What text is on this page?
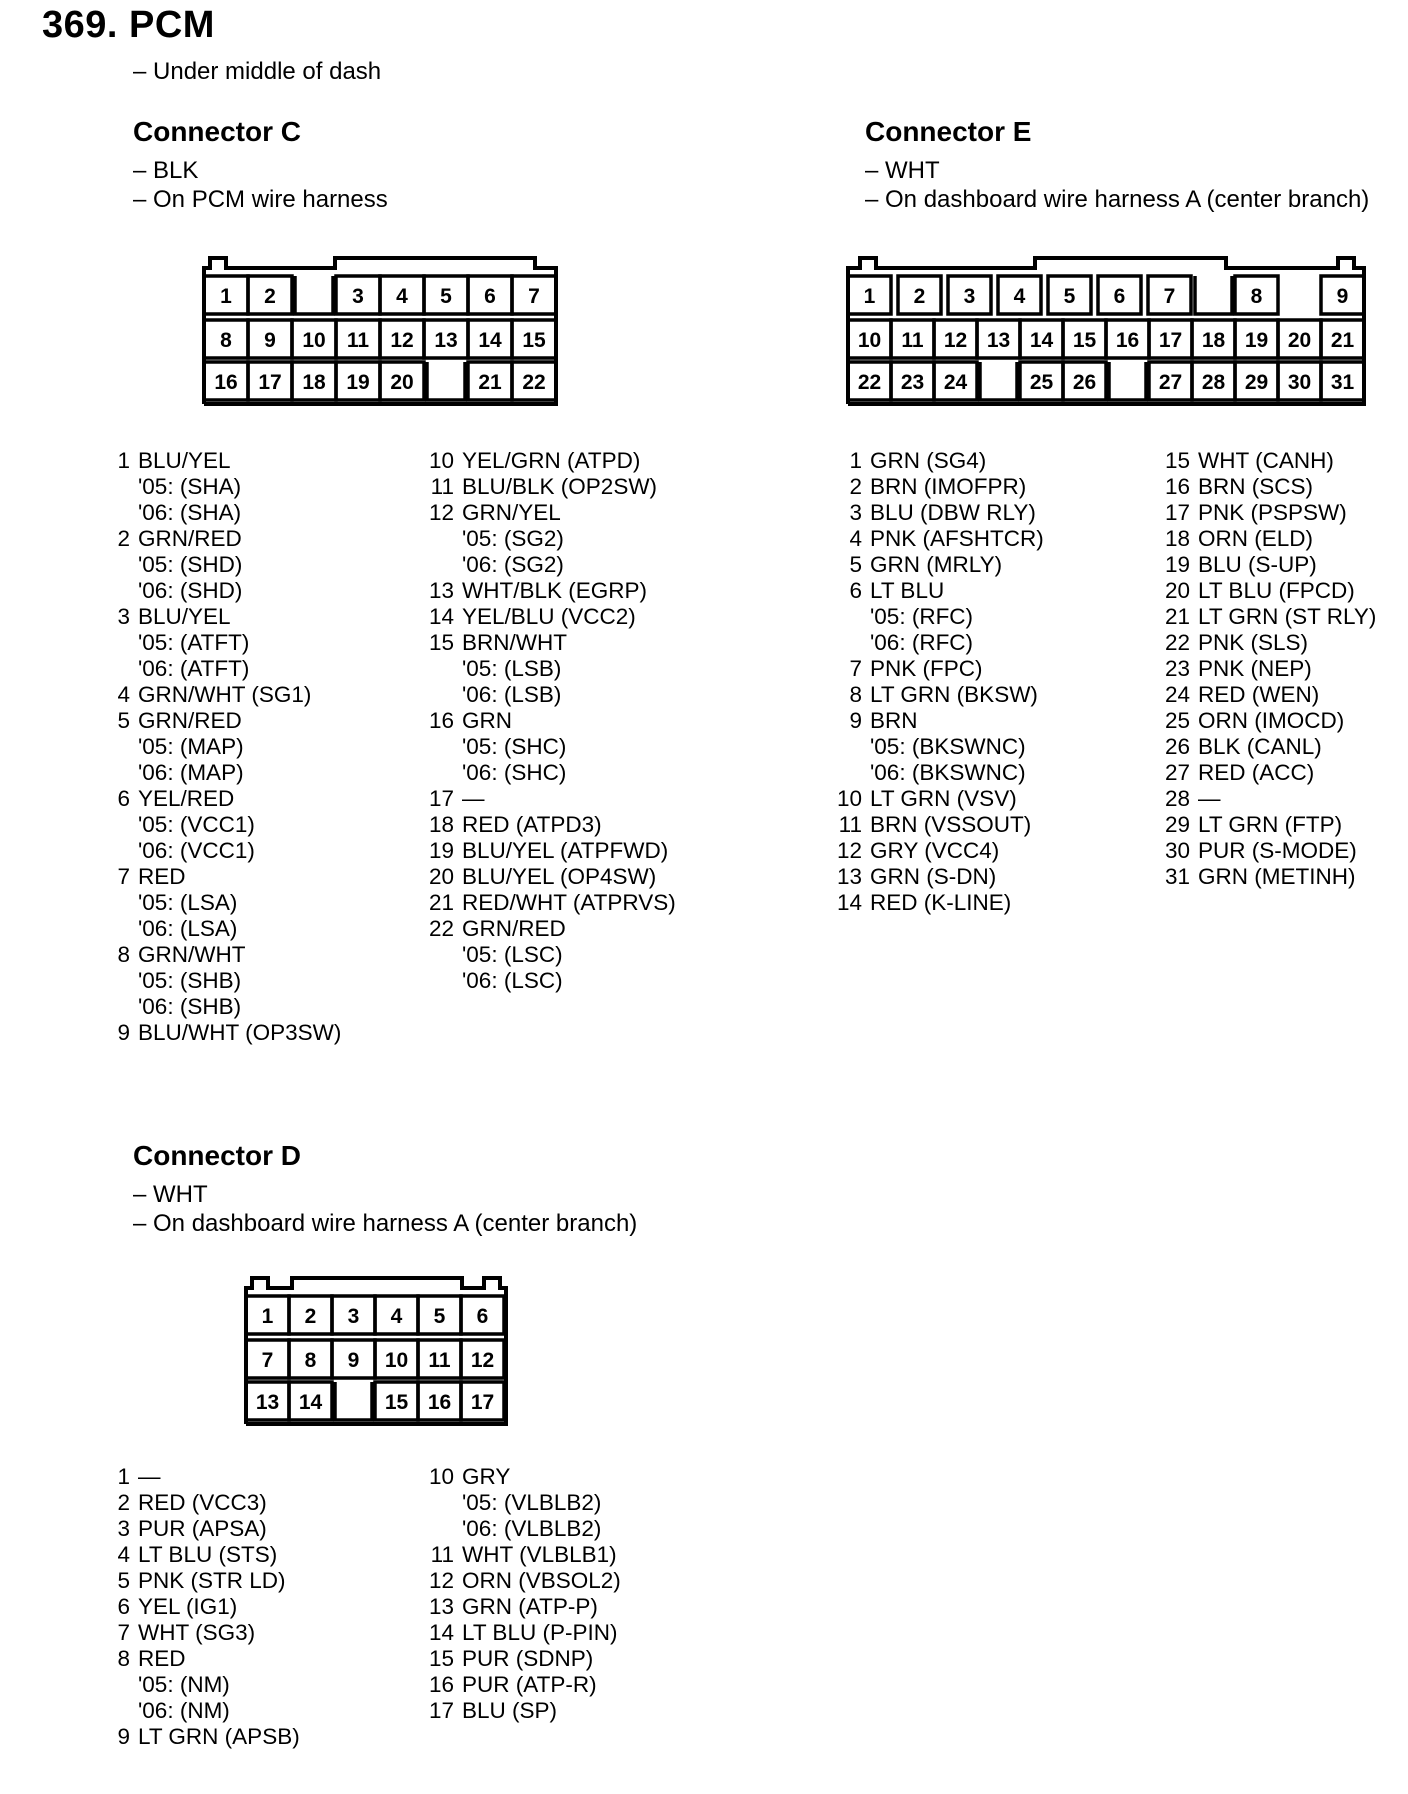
369. PCM
– Under middle of dash
Connector C
– BLK
– On PCM wire harness
1 2	3 4 5 6 7
8 9 10 11 12 13 14 15
16 17 18 19 20	21 22
1 BLU/YEL
'05: (SHA)
'06: (SHA)
2 GRN/RED
'05: (SHD)
'06: (SHD)
3 BLU/YEL
'05: (ATFT)
'06: (ATFT)
4 GRN/WHT (SG1)
5 GRN/RED
'05: (MAP)
'06: (MAP)
6 YEL/RED
'05: (VCC1)
'06: (VCC1)
7 RED
'05: (LSA)
'06: (LSA)
8 GRN/WHT
'05: (SHB)
'06: (SHB)
9 BLU/WHT (OP3SW)
10 YEL/GRN (ATPD)
11 BLU/BLK (OP2SW)
12 GRN/YEL
'05: (SG2)
'06: (SG2)
13 WHT/BLK (EGRP)
14 YEL/BLU (VCC2)
15 BRN/WHT
'05: (LSB)
'06: (LSB)
16 GRN
'05: (SHC)
'06: (SHC)
17 —
18 RED (ATPD3)
19 BLU/YEL (ATPFWD)
20 BLU/YEL (OP4SW)
21 RED/WHT (ATPRVS)
22 GRN/RED
'05: (LSC)
'06: (LSC)
Connector E
– WHT
– On dashboard wire harness A (center branch)
1 2 3 4 5 6 7	8	9
10 11 12 13 14 15 16 17 18 19 20 21
22 23 24	25 26	27 28 29 30 31
1 GRN (SG4)
2 BRN (IMOFPR)
3 BLU (DBW RLY)
4 PNK (AFSHTCR)
5 GRN (MRLY)
6 LT BLU
'05: (RFC)
'06: (RFC)
7 PNK (FPC)
8 LT GRN (BKSW)
9 BRN
'05: (BKSWNC)
'06: (BKSWNC)
10 LT GRN (VSV)
11 BRN (VSSOUT)
12 GRY (VCC4)
13 GRN (S-DN)
14 RED (K-LINE)
15 WHT (CANH)
16 BRN (SCS)
17 PNK (PSPSW)
18 ORN (ELD)
19 BLU (S-UP)
20 LT BLU (FPCD)
21 LT GRN (ST RLY)
22 PNK (SLS)
23 PNK (NEP)
24 RED (WEN)
25 ORN (IMOCD)
26 BLK (CANL)
27 RED (ACC)
28 —
29 LT GRN (FTP)
30 PUR (S-MODE)
31 GRN (METINH)
Connector D
– WHT
– On dashboard wire harness A (center branch)
1 2 3 4 5 6
7 8 9 10 11 12
13 14	15 16 17
1 —
2 RED (VCC3)
3 PUR (APSA)
4 LT BLU (STS)
5 PNK (STR LD)
6 YEL (IG1)
7 WHT (SG3)
8 RED
'05: (NM)
'06: (NM)
9 LT GRN (APSB)
10 GRY
'05: (VLBLB2)
'06: (VLBLB2)
11 WHT (VLBLB1)
12 ORN (VBSOL2)
13 GRN (ATP-P)
14 LT BLU (P-PIN)
15 PUR (SDNP)
16 PUR (ATP-R)
17 BLU (SP)
